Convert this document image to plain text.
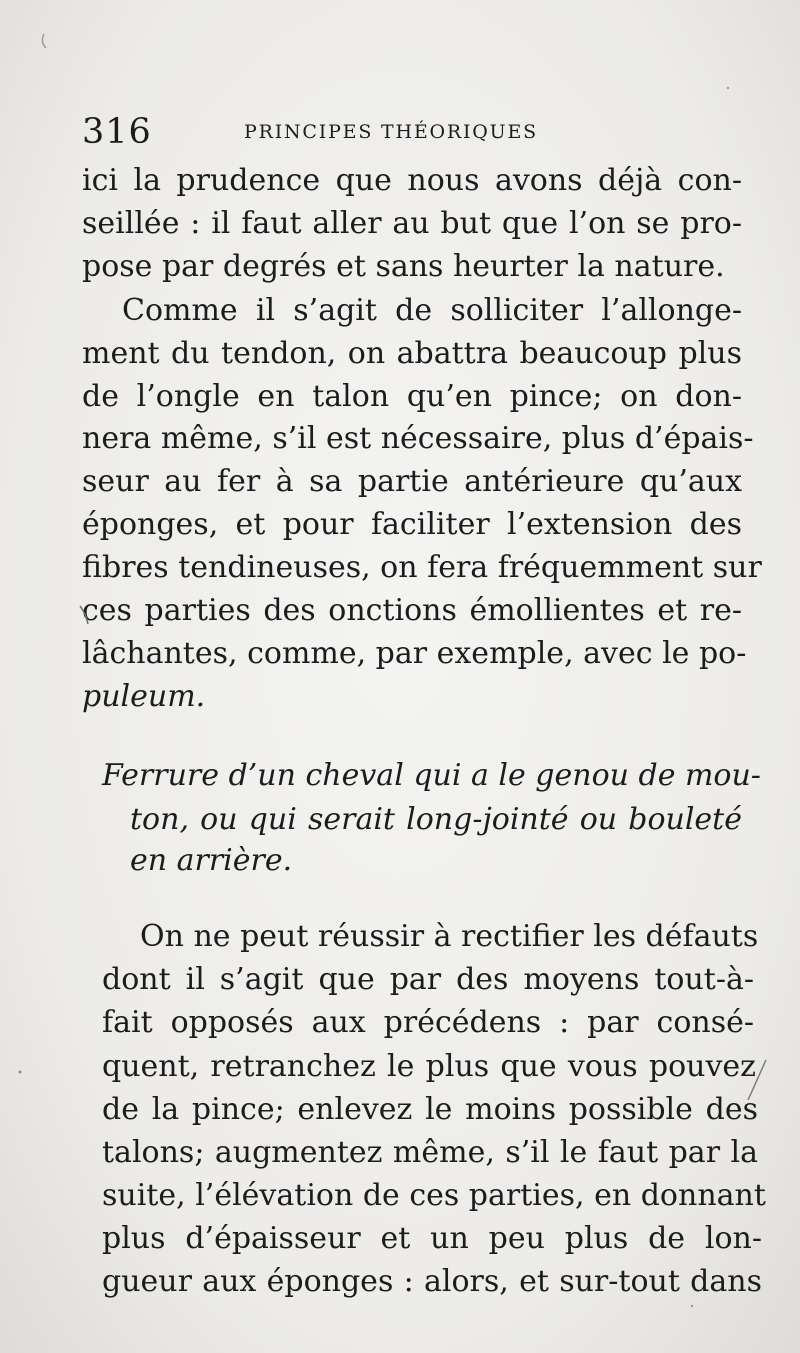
316	PRINCIPES THÉORIQUES
ici la prudence que nous avons déjà con-
seillée : il faut aller au but que l’on se pro-
pose par degrés et sans heurter la nature.
Comme il s’agit de solliciter l’allonge-
ment du tendon, on abattra beaucoup plus
de l’ongle en talon qu’en pince; on don-
nera même, s’il est nécessaire, plus d’épais-
seur au fer à sa partie antérieure qu’aux
éponges, et pour faciliter l’extension des
fibres tendineuses, on fera fréquemment sur
ces parties des onctions émollientes et re-
lâchantes, comme, par exemple, avec le po-
puleum.
Ferrure d’un cheval qui a le genou de mou-
ton, ou qui serait long-jointé ou bouleté
en arrière.
On ne peut réussir à rectifier les défauts
dont il s’agit que par des moyens tout-à-
fait opposés aux précédens : par consé-
quent, retranchez le plus que vous pouvez
de la pince; enlevez le moins possible des
talons; augmentez même, s’il le faut par la
suite, l’élévation de ces parties, en donnant
plus d’épaisseur et un peu plus de lon-
gueur aux éponges : alors, et sur-tout dans
